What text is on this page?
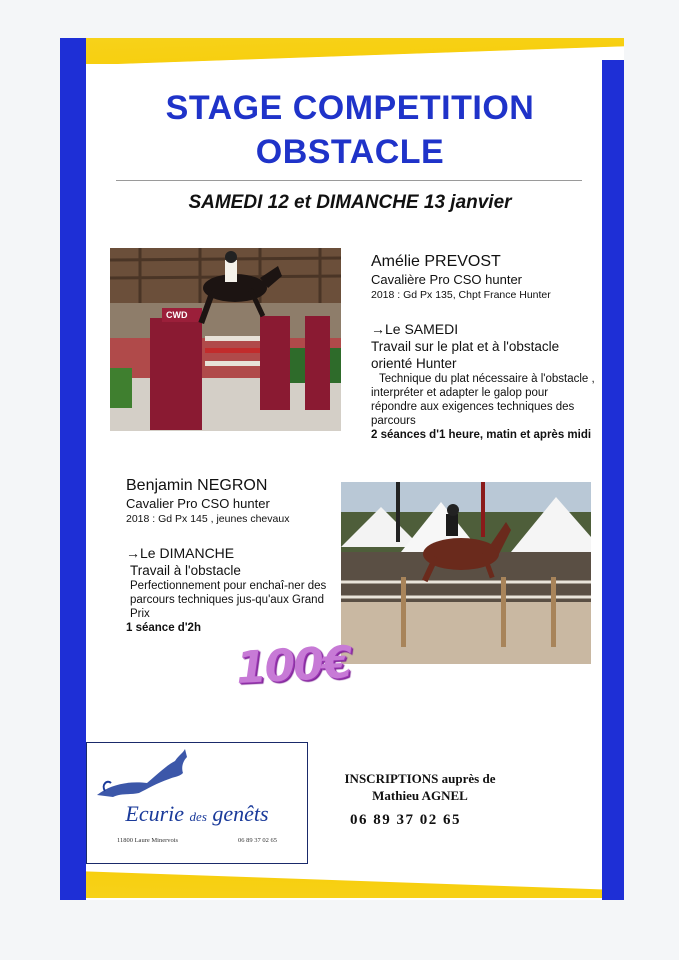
STAGE COMPETITION
OBSTACLE

SAMEDI 12 et DIMANCHE 13 janvier

CWD
Amélie PREVOST
Cavalière Pro CSO hunter
2018 : Gd Px 135, Chpt France Hunter
→Le SAMEDI
Travail sur le plat et à l'obstacle orienté Hunter
Technique du plat nécessaire à l'obstacle , interpréter et adapter le galop pour répondre aux exigences techniques des parcours
2 séances d'1 heure, matin et après midi
Benjamin NEGRON
Cavalier Pro CSO hunter
2018 : Gd Px 145 , jeunes chevaux
→Le DIMANCHE
Travail à l'obstacle
Perfectionnement pour enchaî-ner des parcours techniques jus-qu'aux Grand Prix
1 séance d'2h
100€
Ecurie des genêts
11800 Laure Minervois	06 89 37 02 65
INSCRIPTIONS auprès de
Mathieu AGNEL
06 89 37 02 65
